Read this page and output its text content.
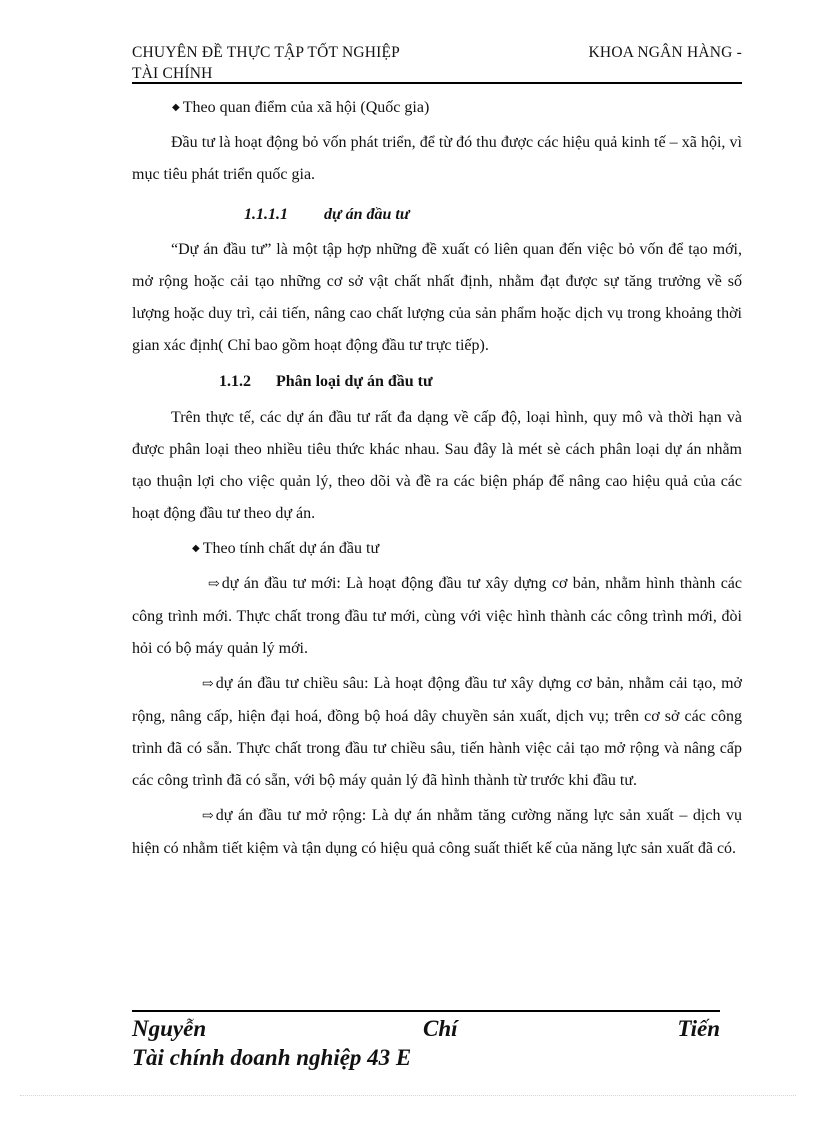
CHUYÊN ĐỀ THỰC TẬP TỐT NGHIỆP	KHOA NGÂN HÀNG -
TÀI CHÍNH

◆ Theo quan điểm của xã hội (Quốc gia)

Đầu tư là hoạt động bỏ vốn phát triển, để từ đó thu được các hiệu quả kinh tế – xã hội, vì mục tiêu phát triển quốc gia.

1.1.1.1 dự án đầu tư

“Dự án đầu tư” là một tập hợp những đề xuất có liên quan đến việc bỏ vốn để tạo mới, mở rộng hoặc cải tạo những cơ sở vật chất nhất định, nhằm đạt được sự tăng trưởng về số lượng hoặc duy trì, cải tiến, nâng cao chất lượng của sản phẩm hoặc dịch vụ trong khoảng thời gian xác định( Chỉ bao gồm hoạt động đầu tư trực tiếp).

1.1.2 Phân loại dự án đầu tư

Trên thực tế, các dự án đầu tư rất đa dạng về cấp độ, loại hình, quy mô và thời hạn và được phân loại theo nhiều tiêu thức khác nhau. Sau đây là mét sè cách phân loại dự án nhằm tạo thuận lợi cho việc quản lý, theo dõi và đề ra các biện pháp để nâng cao hiệu quả của các hoạt động đầu tư theo dự án.

◆ Theo tính chất dự án đầu tư

⇨ dự án đầu tư mới: Là hoạt động đầu tư xây dựng cơ bản, nhằm hình thành các công trình mới. Thực chất trong đầu tư mới, cùng với việc hình thành các công trình mới, đòi hỏi có bộ máy quản lý mới.

⇨ dự án đầu tư chiều sâu: Là hoạt động đầu tư xây dựng cơ bản, nhằm cải tạo, mở rộng, nâng cấp, hiện đại hoá, đồng bộ hoá dây chuyền sản xuất, dịch vụ; trên cơ sở các công trình đã có sẵn. Thực chất trong đầu tư chiều sâu, tiến hành việc cải tạo mở rộng và nâng cấp các công trình đã có sẵn, với bộ máy quản lý đã hình thành từ trước khi đầu tư.

⇨ dự án đầu tư mở rộng: Là dự án nhằm tăng cường năng lực sản xuất – dịch vụ hiện có nhằm tiết kiệm và tận dụng có hiệu quả công suất thiết kế của năng lực sản xuất đã có.

Nguyễn	Chí	Tiến
Tài chính doanh nghiệp 43 E
